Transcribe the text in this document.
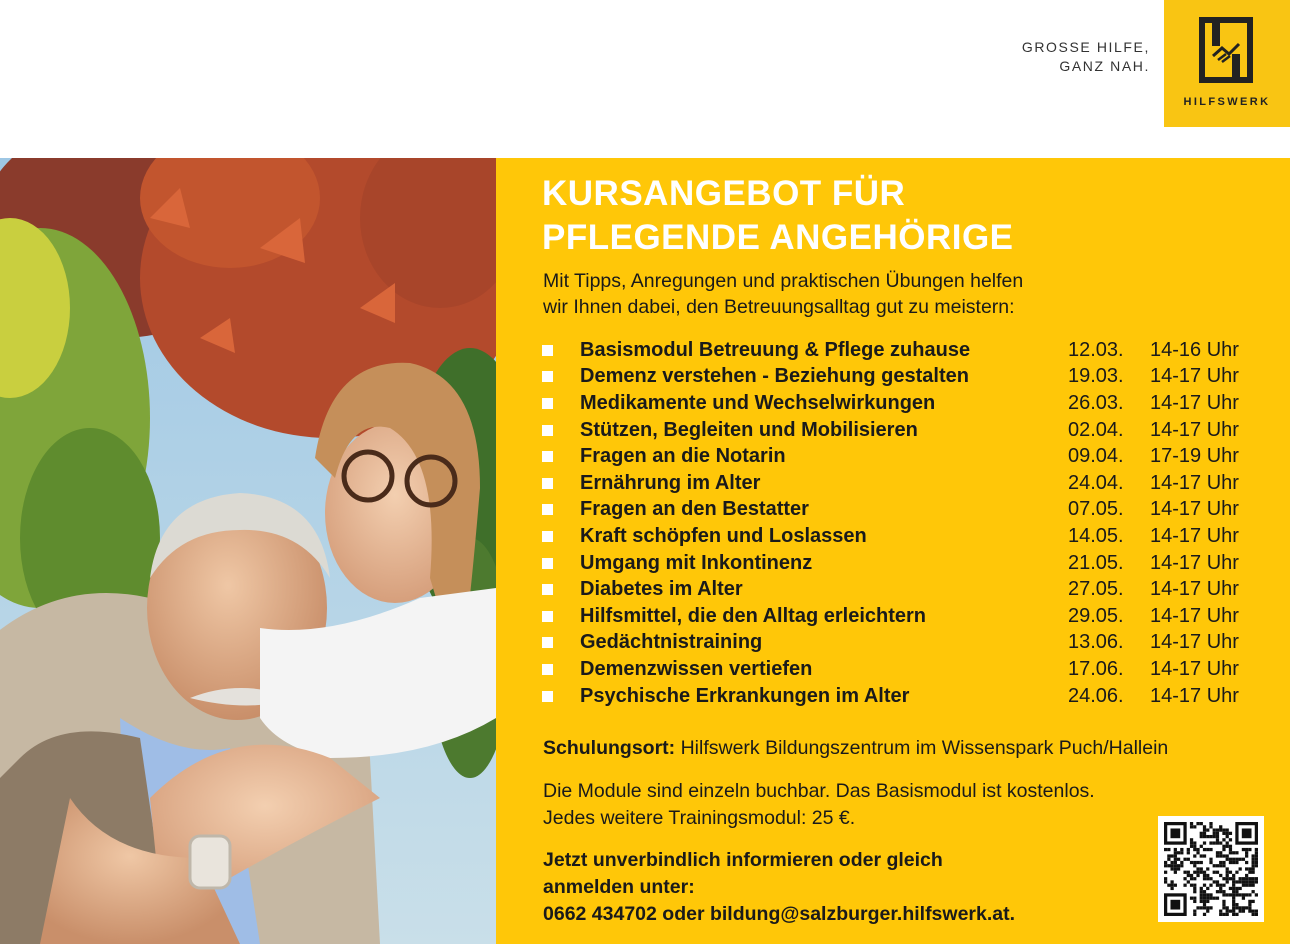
GROSSE HILFE,
GANZ NAH.
HILFSWERK
KURSANGEBOT FÜR
PFLEGENDE ANGEHÖRIGE
Mit Tipps, Anregungen und praktischen Übungen helfen
wir Ihnen dabei, den Betreuungsalltag gut zu meistern:
Basismodul Betreuung & Pflege zuhause	12.03.	14-16 Uhr
Demenz verstehen - Beziehung gestalten	19.03.	14-17 Uhr
Medikamente und Wechselwirkungen	26.03.	14-17 Uhr
Stützen, Begleiten und Mobilisieren	02.04.	14-17 Uhr
Fragen an die Notarin	09.04.	17-19 Uhr
Ernährung im Alter	24.04.	14-17 Uhr
Fragen an den Bestatter	07.05.	14-17 Uhr
Kraft schöpfen und Loslassen	14.05.	14-17 Uhr
Umgang mit Inkontinenz	21.05.	14-17 Uhr
Diabetes im Alter	27.05.	14-17 Uhr
Hilfsmittel, die den Alltag erleichtern	29.05.	14-17 Uhr
Gedächtnistraining	13.06.	14-17 Uhr
Demenzwissen vertiefen	17.06.	14-17 Uhr
Psychische Erkrankungen im Alter	24.06.	14-17 Uhr
Schulungsort: Hilfswerk Bildungszentrum im Wissenspark Puch/Hallein
Die Module sind einzeln buchbar. Das Basismodul ist kostenlos.
Jedes weitere Trainingsmodul: 25 €.
Jetzt unverbindlich informieren oder gleich
anmelden unter:
0662 434702 oder bildung@salzburger.hilfswerk.at.
